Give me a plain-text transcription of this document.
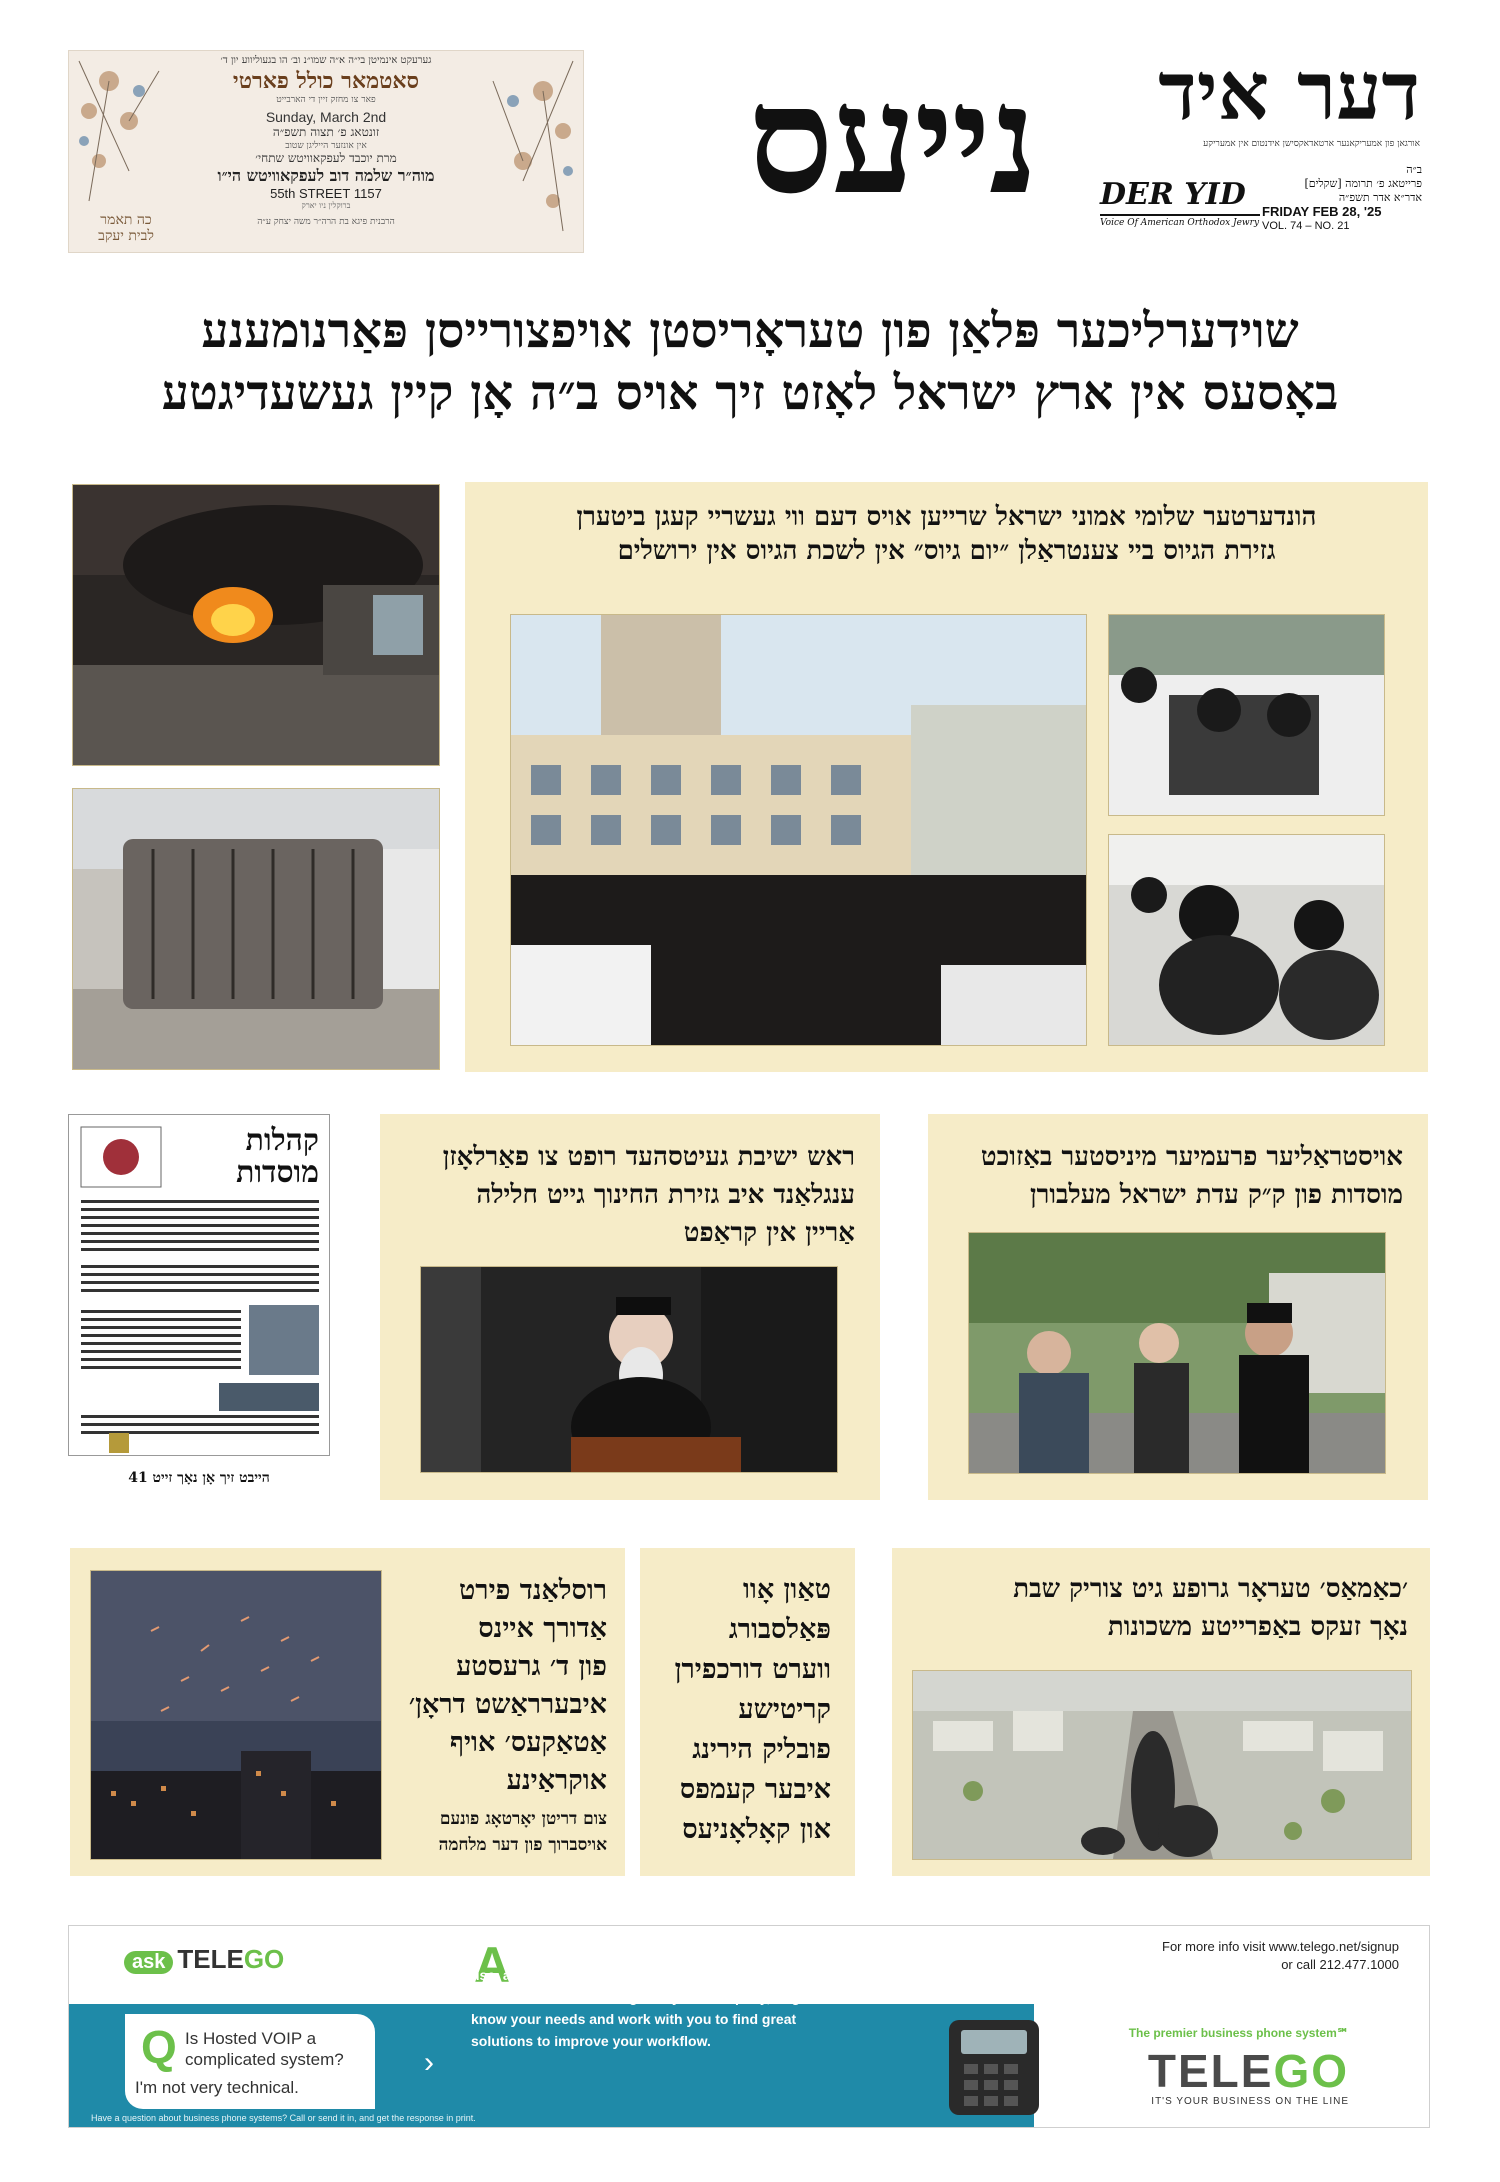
גערעקט אינמיטן בי״ה א״ה שמו״נ וב׳ הו בגעוליווע יון ד׳
סאטמאר כולל פארטי
פאר צו מחזק זיין די הארבייט
Sunday, March 2nd
זונטאג פ׳ תצוה תשפ״ה
אין אונזער הייליגן שטוב
מרת יוכבד לעפקאוויטש שתחי׳
מוה״ר שלמה דוב לעפקאוויטש הי״ו
1157 55th STREET
ברוקלין ניו יארק
הרבנית פיגא בת הרה״ר משה יצחק ע״ה
כה תאמר לבית יעקב
נייעס	דער איד
אורגאן פון אמעריקאנער ארטאדאקסישן אידנטום אין אמעריקע
DER YID
Voice Of American Orthodox Jewry
ב״ה
פרייטאג פ׳ תרומה [שקלים]
אדר״א אדר תשפ״ה
FRIDAY FEB 28, '25
VOL. 74 – NO. 21
שוידערליכער פּלאַן פון טעראָריסטן אויפצורייסן פּאַרנומענע
באָסעס אין ארץ ישראל לאָזט זיך אויס ב״ה אָן קיין געשעדיגטע
הונדערטער שלומי אמוני ישראל שרייען אויס דעם ווי געשריי קעגן ביטערן
גזירת הגיוס ביי צענטראַלן ״יום גיוס״ אין לשכת הגיוס אין ירושלים
קהלות מוסדות
הייבט זיך אָן נאָך זייט 41
ראש ישיבת געיטסהעד רופט צו פאַרלאָזן
ענגלאַנד איב גזירת החינוך גייט חלילה
אַריין אין קראַפט
אויסטראַליער פרעמיער מיניסטער באַזוכט
מוסדות פון ק״ק עדת ישראל מעלבורן
רוסלאַנד פירט
אַדורך איינס
פון ד׳ גרעסטע
איבערראַשט דראָן׳
אַטאַקעס׳ אויף
אוקראַינע
צום דריטן יאָרטאָג פונעם
אויסברוך פון דער מלחמה
טאַון אָוו
פּאַלסבורג
ווערט דורכפירן
קריטישע
פובליק הירינג
איבער קעמפס
און קאָלאָניעס
׳כאַמאַס׳ טעראָר גרופע גיט צוריק שבת
נאָך זעקס באַפרייטע משכונות
ask TELEGO
Q Is Hosted VOIP a
complicated system?
I'm not very technical.
›
A Most of clients find the system really easy to use, and we're always here to help. We'll assign a Personal Account Manager to your company, to get to know your needs and work with you to find great solutions to improve your workflow.
For more info visit www.telego.net/signup
or call 212.477.1000
The premier business phone system℠
TELEGO
IT'S YOUR BUSINESS ON THE LINE
Have a question about business phone systems? Call or send it in, and get the response in print.
